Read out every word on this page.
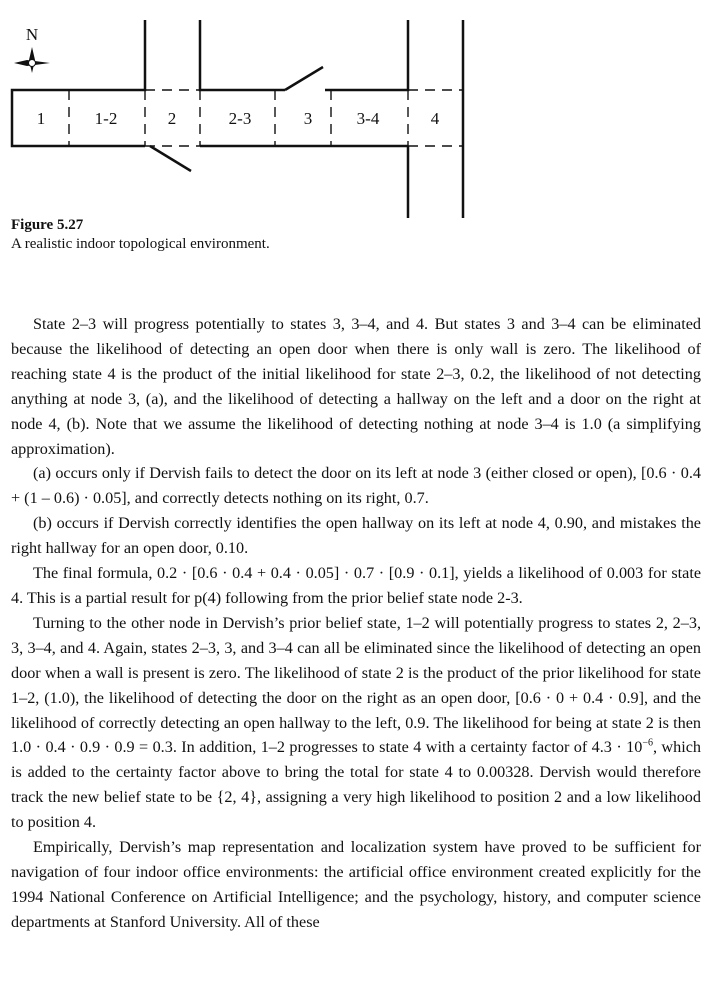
N
1	1-2	2	2-3	3	3-4	4
Figure 5.27
A realistic indoor topological environment.

State 2–3 will progress potentially to states 3, 3–4, and 4. But states 3 and 3–4 can be eliminated because the likelihood of detecting an open door when there is only wall is zero. The likelihood of reaching state 4 is the product of the initial likelihood for state 2–3, 0.2, the likelihood of not detecting anything at node 3, (a), and the likelihood of detecting a hallway on the left and a door on the right at node 4, (b). Note that we assume the likelihood of detecting nothing at node 3–4 is 1.0 (a simplifying approximation).

(a) occurs only if Dervish fails to detect the door on its left at node 3 (either closed or open), [0.6 · 0.4 + (1 – 0.6) · 0.05], and correctly detects nothing on its right, 0.7.

(b) occurs if Dervish correctly identifies the open hallway on its left at node 4, 0.90, and mistakes the right hallway for an open door, 0.10.

The final formula, 0.2 · [0.6 · 0.4 + 0.4 · 0.05] · 0.7 · [0.9 · 0.1], yields a likelihood of 0.003 for state 4. This is a partial result for p(4) following from the prior belief state node 2-3.

Turning to the other node in Dervish’s prior belief state, 1–2 will potentially progress to states 2, 2–3, 3, 3–4, and 4. Again, states 2–3, 3, and 3–4 can all be eliminated since the likelihood of detecting an open door when a wall is present is zero. The likelihood of state 2 is the product of the prior likelihood for state 1–2, (1.0), the likelihood of detecting the door on the right as an open door, [0.6 · 0 + 0.4 · 0.9], and the likelihood of correctly detecting an open hallway to the left, 0.9. The likelihood for being at state 2 is then 1.0 · 0.4 · 0.9 · 0.9 = 0.3. In addition, 1–2 progresses to state 4 with a certainty factor of $4.3 \cdot 10^{-6}$, which is added to the certainty factor above to bring the total for state 4 to 0.00328. Dervish would therefore track the new belief state to be {2, 4}, assigning a very high likelihood to position 2 and a low likelihood to position 4.

Empirically, Dervish’s map representation and localization system have proved to be sufficient for navigation of four indoor office environments: the artificial office environment created explicitly for the 1994 National Conference on Artificial Intelligence; and the psychology, history, and computer science departments at Stanford University. All of these
